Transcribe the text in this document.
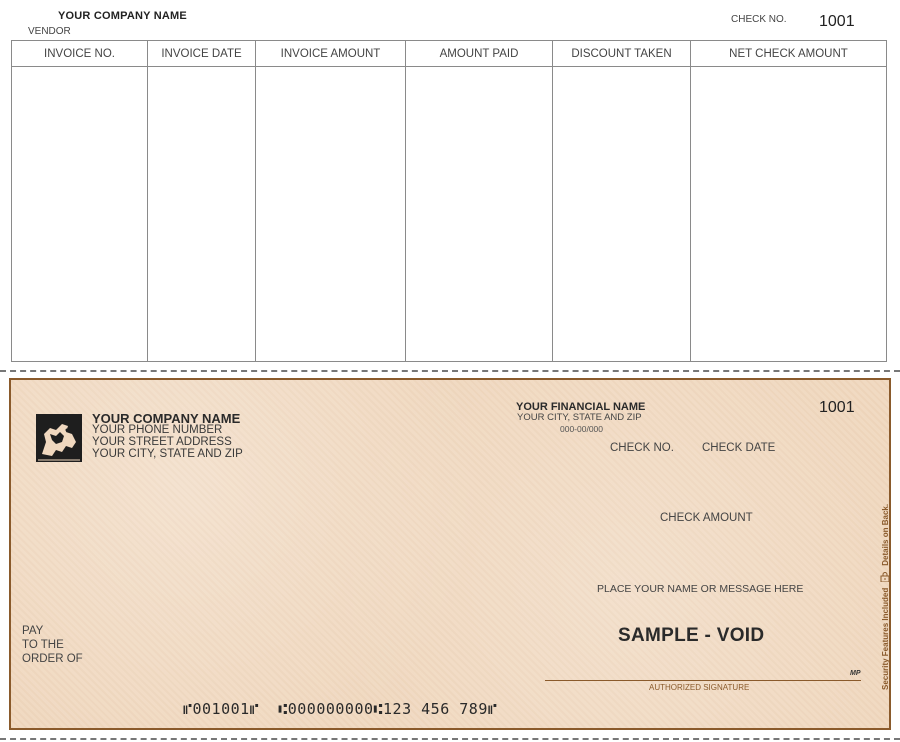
YOUR COMPANY NAME
VENDOR
CHECK NO. 1001
INVOICE NO.	INVOICE DATE	INVOICE AMOUNT	AMOUNT PAID	DISCOUNT TAKEN	NET CHECK AMOUNT
YOUR COMPANY NAME
YOUR PHONE NUMBER
YOUR STREET ADDRESS
YOUR CITY, STATE AND ZIP
YOUR FINANCIAL NAME
YOUR CITY, STATE AND ZIP
000-00/000
1001
CHECK NO. CHECK DATE
CHECK AMOUNT
PLACE YOUR NAME OR MESSAGE HERE
SAMPLE - VOID
PAY
TO THE
ORDER OF
MP
AUTHORIZED SIGNATURE
⑈001001⑈  ⑆000000000⑆123 456 789⑈
Security Features Included
Details on Back.
